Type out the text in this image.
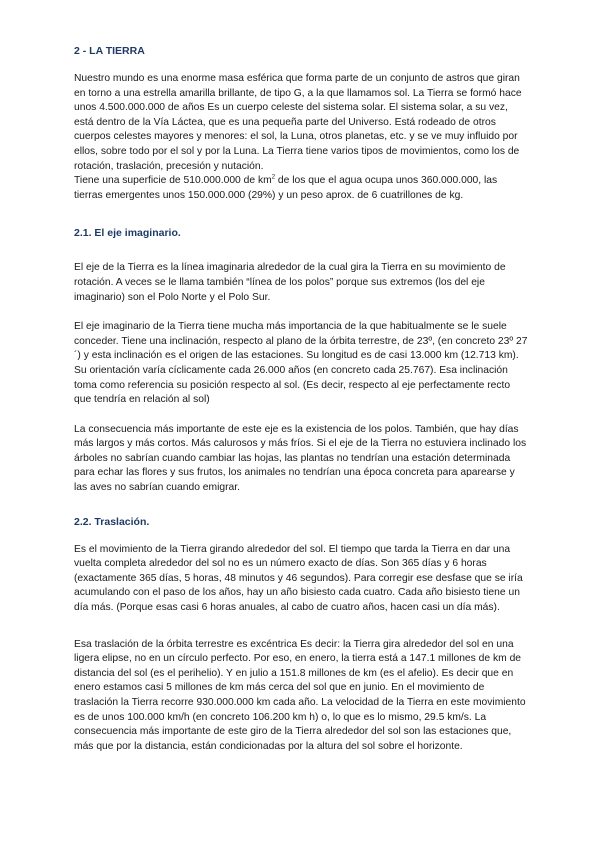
2 - LA TIERRA

Nuestro mundo es una enorme masa esférica que forma parte de un conjunto de astros que giran en torno a una estrella amarilla brillante, de tipo G, a la que llamamos sol. La Tierra se formó hace unos 4.500.000.000 de años Es un cuerpo celeste del sistema solar. El sistema solar, a su vez, está dentro de la Vía Láctea, que es una pequeña parte del Universo. Está rodeado de otros cuerpos celestes mayores y menores: el sol, la Luna, otros planetas, etc. y se ve muy influido por ellos, sobre todo por el sol y por la Luna. La Tierra tiene varios tipos de movimientos, como los de rotación, traslación, precesión y nutación.

Tiene una superficie de 510.000.000 de $km^2$ de los que el agua ocupa unos 360.000.000, las tierras emergentes unos 150.000.000 (29%) y un peso aprox. de 6 cuatrillones de kg.

2.1. El eje imaginario.

El eje de la Tierra es la línea imaginaria alrededor de la cual gira la Tierra en su movimiento de rotación. A veces se le llama también “línea de los polos” porque sus extremos (los del eje imaginario) son el Polo Norte y el Polo Sur.

El eje imaginario de la Tierra tiene mucha más importancia de la que habitualmente se le suele conceder. Tiene una inclinación, respecto al plano de la órbita terrestre, de 23º, (en concreto 23º 27´) y esta inclinación es el origen de las estaciones. Su longitud es de casi 13.000 km (12.713 km). Su orientación varía cíclicamente cada 26.000 años (en concreto cada 25.767). Esa inclinación toma como referencia su posición respecto al sol. (Es decir, respecto al eje perfectamente recto que tendría en relación al sol)

La consecuencia más importante de este eje es la existencia de los polos. También, que hay días más largos y más cortos. Más calurosos y más fríos. Si el eje de la Tierra no estuviera inclinado los árboles no sabrían cuando cambiar las hojas, las plantas no tendrían una estación determinada para echar las flores y sus frutos, los animales no tendrían una época concreta para aparearse y las aves no sabrían cuando emigrar.

2.2. Traslación.

Es el movimiento de la Tierra girando alrededor del sol. El tiempo que tarda la Tierra en dar una vuelta completa alrededor del sol no es un número exacto de días. Son 365 días y 6 horas (exactamente 365 días, 5 horas, 48 minutos y 46 segundos). Para corregir ese desfase que se iría acumulando con el paso de los años, hay un año bisiesto cada cuatro. Cada año bisiesto tiene un día más. (Porque esas casi 6 horas anuales, al cabo de cuatro años, hacen casi un día más).

Esa traslación de la órbita terrestre es excéntrica Es decir: la Tierra gira alrededor del sol en una ligera elipse, no en un círculo perfecto. Por eso, en enero, la tierra está a 147.1 millones de km de distancia del sol (es el perihelio). Y en julio a 151.8 millones de km (es el afelio). Es decir que en enero estamos casi 5 millones de km más cerca del sol que en junio. En el movimiento de traslación la Tierra recorre 930.000.000 km cada año. La velocidad de la Tierra en este movimiento es de unos 100.000 km/h (en concreto 106.200 km h) o, lo que es lo mismo, 29.5 km/s. La consecuencia más importante de este giro de la Tierra alrededor del sol son las estaciones que, más que por la distancia, están condicionadas por la altura del sol sobre el horizonte.
